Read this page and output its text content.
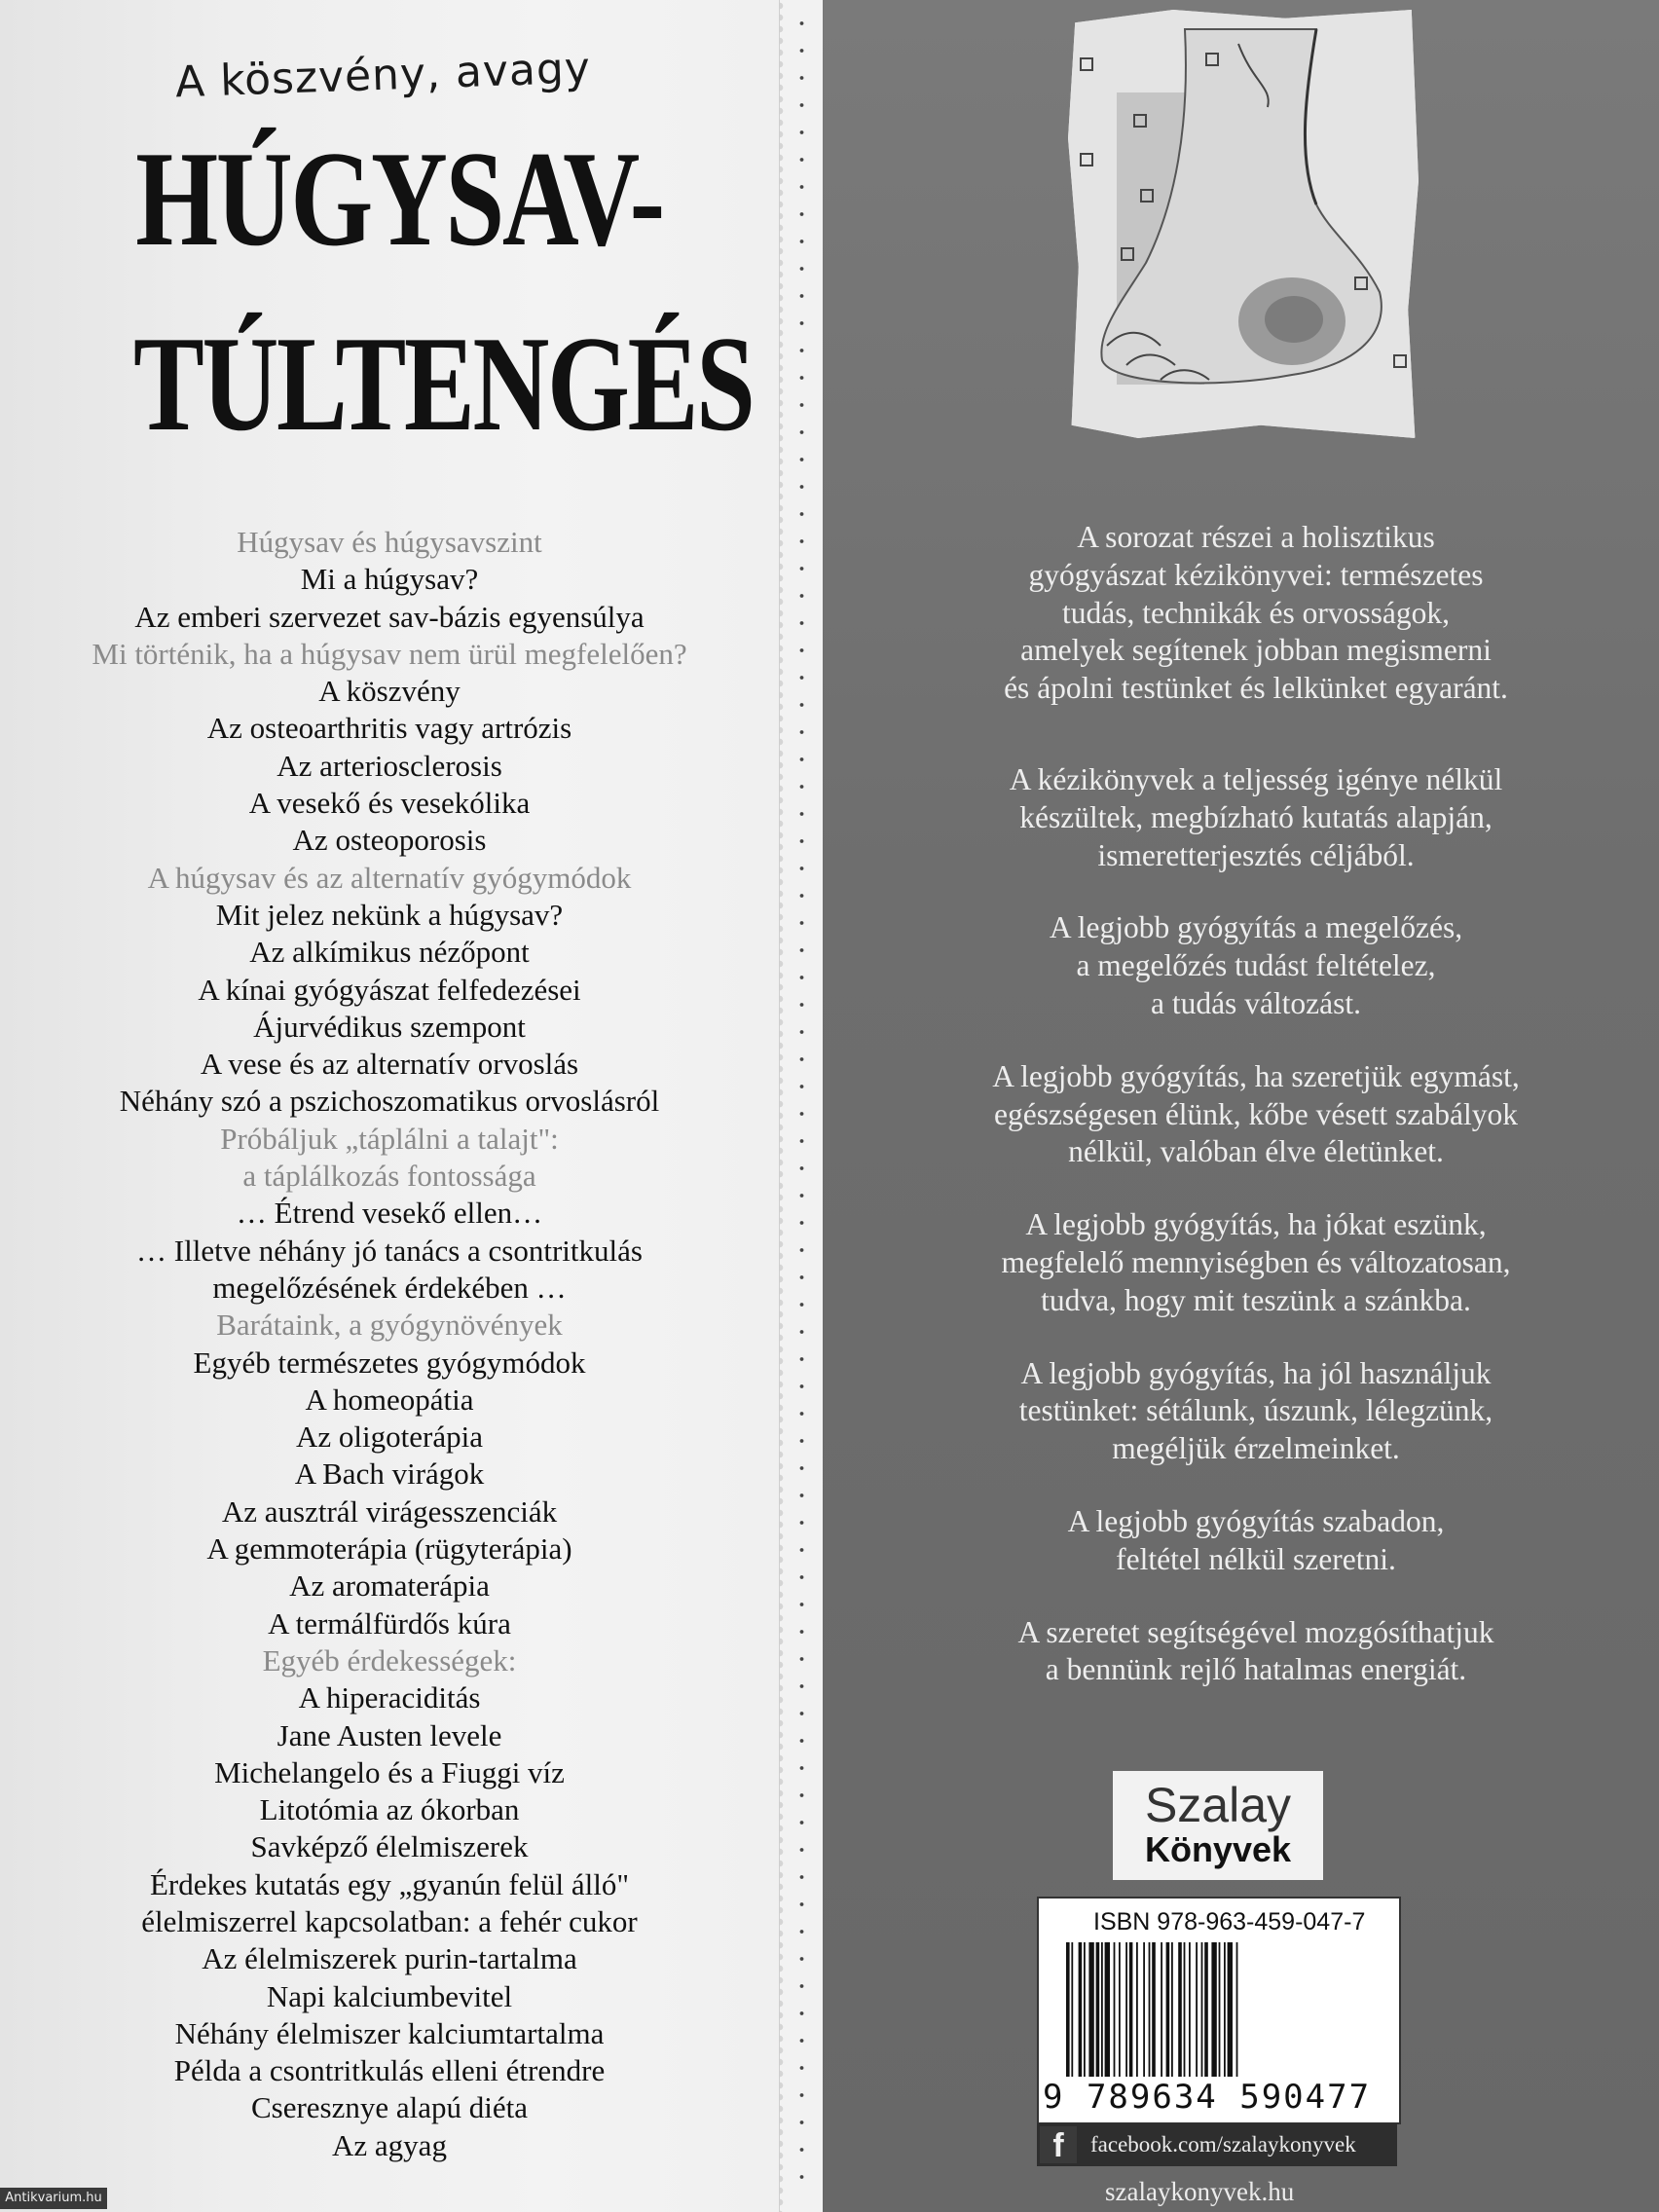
A köszvény, avagy
HÚGYSAV-
TÚLTENGÉS
Húgysav és húgysavszint
Mi a húgysav?
Az emberi szervezet sav-bázis egyensúlya
Mi történik, ha a húgysav nem ürül megfelelően?
A köszvény
Az osteoarthritis vagy artrózis
Az arteriosclerosis
A vesekő és vesekólika
Az osteoporosis
A húgysav és az alternatív gyógymódok
Mit jelez nekünk a húgysav?
Az alkímikus nézőpont
A kínai gyógyászat felfedezései
Ájurvédikus szempont
A vese és az alternatív orvoslás
Néhány szó a pszichoszomatikus orvoslásról
Próbáljuk „táplálni a talajt":
a táplálkozás fontossága
… Étrend vesekő ellen…
… Illetve néhány jó tanács a csontritkulás
megelőzésének érdekében …
Barátaink, a gyógynövények
Egyéb természetes gyógymódok
A homeopátia
Az oligoterápia
A Bach virágok
Az ausztrál virágesszenciák
A gemmoterápia (rügyterápia)
Az aromaterápia
A termálfürdős kúra
Egyéb érdekességek:
A hiperaciditás
Jane Austen levele
Michelangelo és a Fiuggi víz
Litotómia az ókorban
Savképző élelmiszerek
Érdekes kutatás egy „gyanún felül álló"
élelmiszerrel kapcsolatban: a fehér cukor
Az élelmiszerek purin-tartalma
Napi kalciumbevitel
Néhány élelmiszer kalciumtartalma
Példa a csontritkulás elleni étrendre
Cseresznye alapú diéta
Az agyag

A sorozat részei a holisztikus
gyógyászat kézikönyvei: természetes
tudás, technikák és orvosságok,
amelyek segítenek jobban megismerni
és ápolni testünket és lelkünket egyaránt.

A kézikönyvek a teljesség igénye nélkül
készültek, megbízható kutatás alapján,
ismeretterjesztés céljából.

A legjobb gyógyítás a megelőzés,
a megelőzés tudást feltételez,
a tudás változást.

A legjobb gyógyítás, ha szeretjük egymást,
egészségesen élünk, kőbe vésett szabályok
nélkül, valóban élve életünket.

A legjobb gyógyítás, ha jókat eszünk,
megfelelő mennyiségben és változatosan,
tudva, hogy mit teszünk a szánkba.

A legjobb gyógyítás, ha jól használjuk
testünket: sétálunk, úszunk, lélegzünk,
megéljük érzelmeinket.

A legjobb gyógyítás szabadon,
feltétel nélkül szeretni.

A szeretet segítségével mozgósíthatjuk
a bennünk rejlő hatalmas energiát.

Szalay
Könyvek
ISBN 978-963-459-047-7
9 789634 590477
f	facebook.com/szalaykonyvek
szalaykonyvek.hu
Antikvarium.hu
